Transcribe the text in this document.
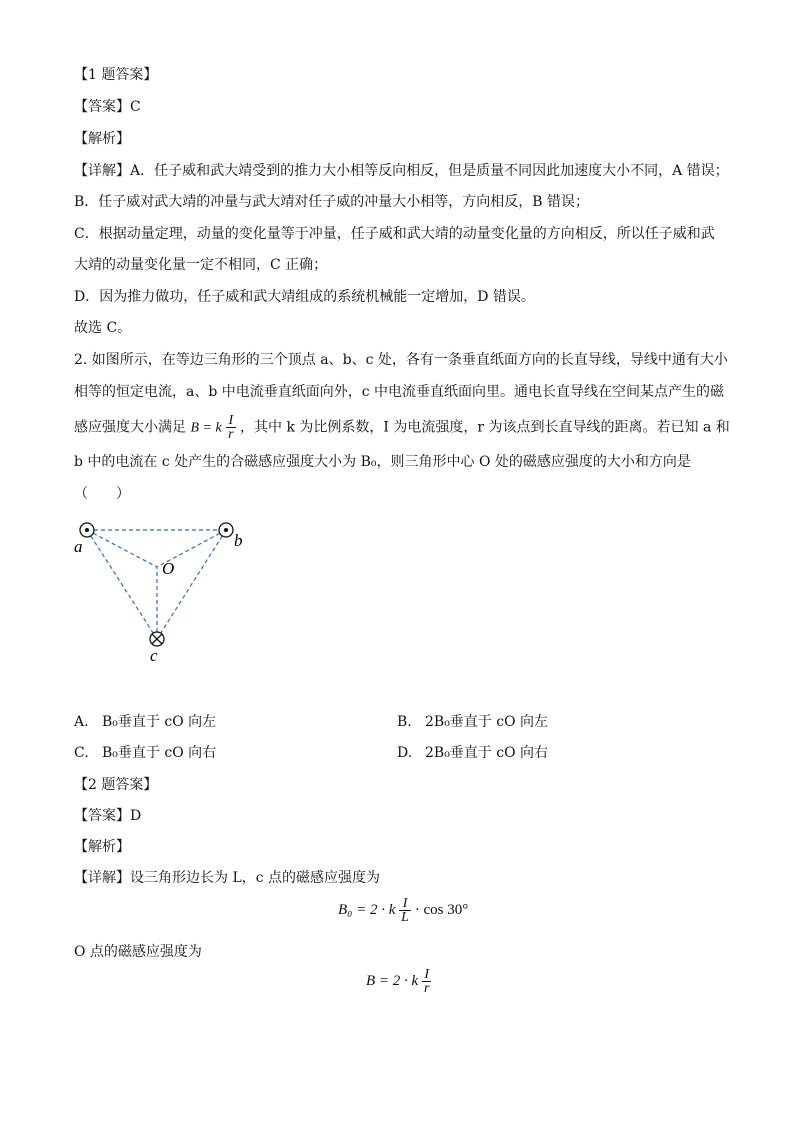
【1 题答案】
【答案】C
【解析】
【详解】A．任子威和武大靖受到的推力大小相等反向相反，但是质量不同因此加速度大小不同，A 错误；
B．任子威对武大靖的冲量与武大靖对任子威的冲量大小相等，方向相反，B 错误；
C．根据动量定理，动量的变化量等于冲量，任子威和武大靖的动量变化量的方向相反，所以任子威和武
大靖的动量变化量一定不相同，C 正确；
D．因为推力做功，任子威和武大靖组成的系统机械能一定增加，D 错误。
故选 C。
2. 如图所示，在等边三角形的三个顶点 a、b、c 处，各有一条垂直纸面方向的长直导线，导线中通有大小
相等的恒定电流，a、b 中电流垂直纸面向外，c 中电流垂直纸面向里。通电长直导线在空间某点产生的磁
感应强度大小满足 B = k $\frac{I}{r}$ ，其中 k 为比例系数，I 为电流强度，r 为该点到长直导线的距离。若已知 a 和
b 中的电流在 c 处产生的合磁感应强度大小为 B₀，则三角形中心 O 处的磁感应强度的大小和方向是
（　　）
a	b
O
c
A. B₀垂直于 cO 向左	B. 2B₀垂直于 cO 向左
C. B₀垂直于 cO 向右	D. 2B₀垂直于 cO 向右
【2 题答案】
【答案】D
【解析】
【详解】设三角形边长为 L，c 点的磁感应强度为
B₀ = 2 · k $\frac{I}{L} \cdot \cos 30^\circ$
O 点的磁感应强度为
B = 2 · k $\frac{I}{r}$
